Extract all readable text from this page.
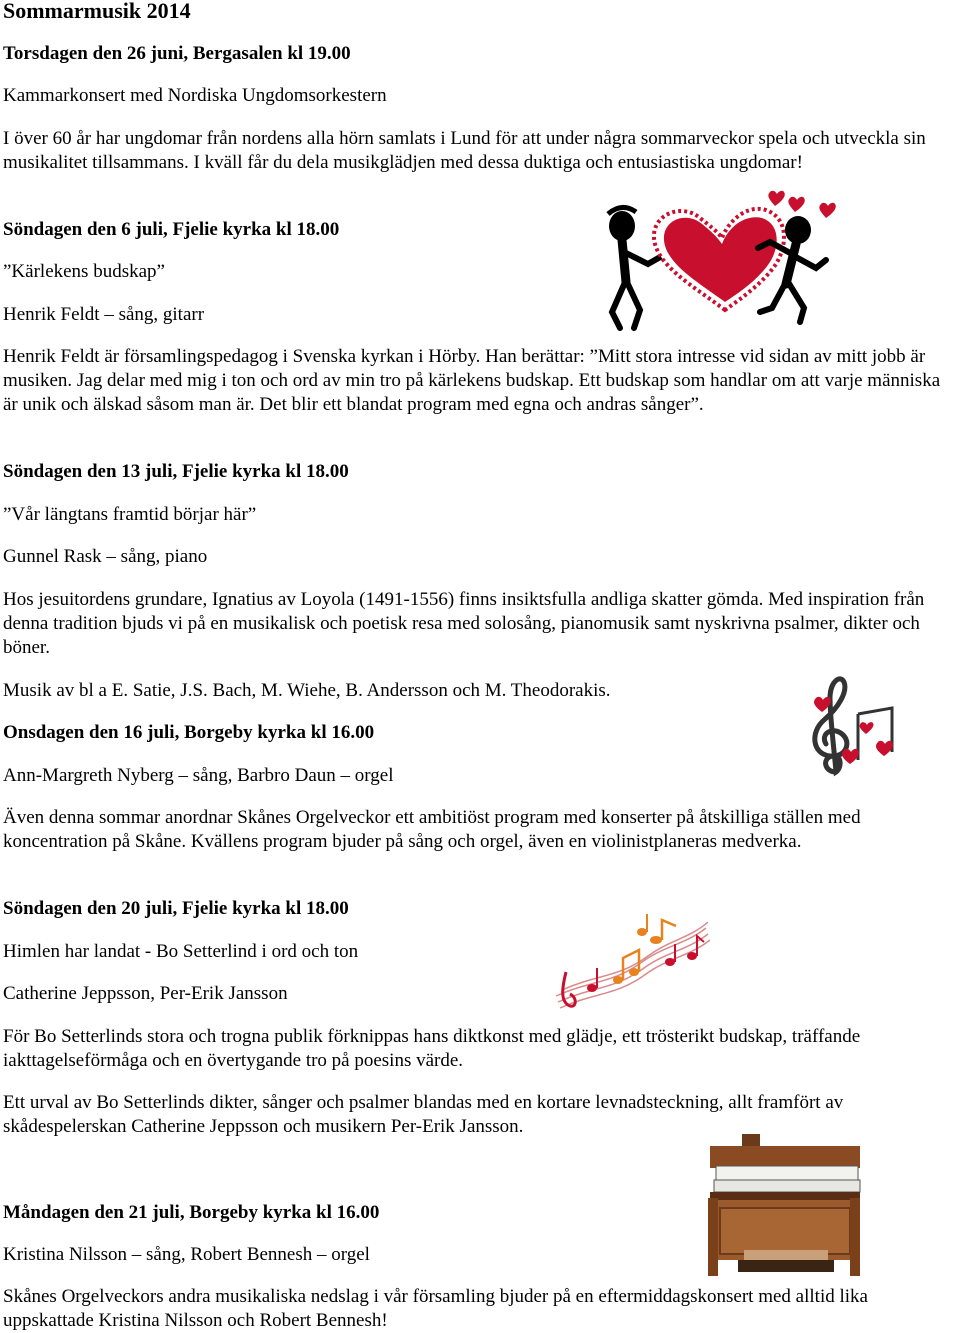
Sommarmusik 2014
Torsdagen den 26 juni, Bergasalen kl 19.00
Kammarkonsert med Nordiska Ungdomsorkestern
I över 60 år har ungdomar från nordens alla hörn samlats i Lund för att under några sommarveckor spela och utveckla sin musikalitet tillsammans. I kväll får du dela musikglädjen med dessa duktiga och entusiastiska ungdomar!
Söndagen den 6 juli, Fjelie kyrka kl 18.00
”Kärlekens budskap”
Henrik Feldt – sång, gitarr
Henrik Feldt är församlingspedagog i Svenska kyrkan i Hörby. Han berättar: ”Mitt stora intresse vid sidan av mitt jobb är musiken. Jag delar med mig i ton och ord av min tro på kärlekens budskap. Ett budskap som handlar om att varje människa är unik och älskad såsom man är. Det blir ett blandat program med egna och andras sånger”.
Söndagen den 13 juli, Fjelie kyrka kl 18.00
”Vår längtans framtid börjar här”
Gunnel Rask – sång, piano
Hos jesuitordens grundare, Ignatius av Loyola (1491-1556) finns insiktsfulla andliga skatter gömda. Med inspiration från denna tradition bjuds vi på en musikalisk och poetisk resa med solosång, pianomusik samt nyskrivna psalmer, dikter och böner.
Musik av bl a E. Satie, J.S. Bach, M. Wiehe, B. Andersson och M. Theodorakis.
Onsdagen den 16 juli, Borgeby kyrka kl 16.00
Ann-Margreth Nyberg – sång, Barbro Daun – orgel
Även denna sommar anordnar Skånes Orgelveckor ett ambitiöst program med konserter på åtskilliga ställen med koncentration på Skåne. Kvällens program bjuder på sång och orgel, även en violinistplaneras medverka.
Söndagen den 20 juli, Fjelie kyrka kl 18.00
Himlen har landat - Bo Setterlind i ord och ton
Catherine Jeppsson, Per-Erik Jansson
För Bo Setterlinds stora och trogna publik förknippas hans diktkonst med glädje, ett trösterikt budskap, träffande iakttagelseförmåga och en övertygande tro på poesins värde.
Ett urval av Bo Setterlinds dikter, sånger och psalmer blandas med en kortare levnadsteckning, allt framfört av skådespelerskan Catherine Jeppsson och musikern Per-Erik Jansson.
Måndagen den 21 juli, Borgeby kyrka kl 16.00
Kristina Nilsson – sång, Robert Bennesh – orgel
Skånes Orgelveckors andra musikaliska nedslag i vår församling bjuder på en eftermiddagskonsert med alltid lika uppskattade Kristina Nilsson och Robert Bennesh!
